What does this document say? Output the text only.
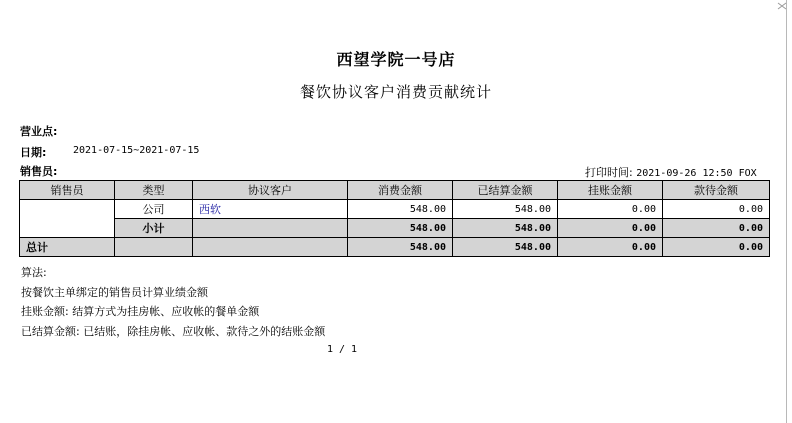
西望学院一号店
餐饮协议客户消费贡献统计
营业点:
日期:	2021-07-15~2021-07-15
销售员:	打印时间: 2021-09-26 12:50 FOX
销售员	类型	协议客户	消费金额	已结算金额	挂账金额	款待金额
	公司	西软	548.00	548.00	0.00	0.00
	小计		548.00	548.00	0.00	0.00
总计			548.00	548.00	0.00	0.00
算法:
按餐饮主单绑定的销售员计算业绩金额
挂账金额: 结算方式为挂房帐、应收帐的餐单金额
已结算金额: 已结账，除挂房帐、应收帐、款待之外的结账金额
1 / 1
